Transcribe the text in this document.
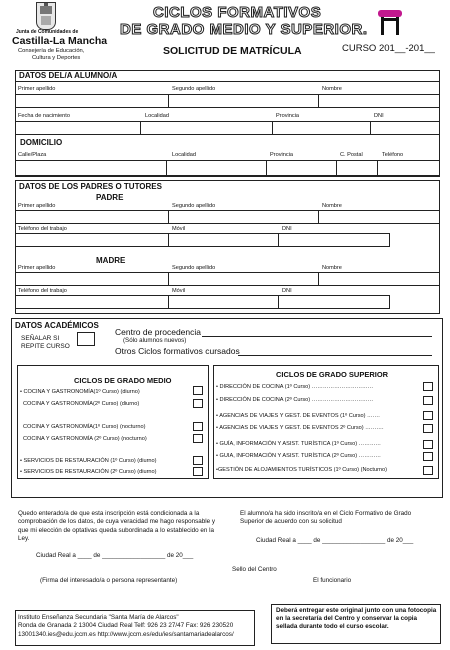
Junta de Comunidades de
Castilla-La Mancha
Consejería de Educación,
Cultura y Deportes
CICLOS FORMATIVOS
DE GRADO MEDIO Y SUPERIOR.
SOLICITUD DE MATRÍCULA	CURSO 201__-201__
DATOS DEL/A ALUMNO/A
Primer apellido	Segundo apellido	Nombre
Fecha de nacimiento	Localidad	Provincia	DNI
DOMICILIO
Calle/Plaza	Localidad	Provincia	C. Postal	Teléfono
DATOS DE LOS PADRES O TUTORES
PADRE
Primer apellido	Segundo apellido	Nombre
Teléfono del trabajo	Móvil	DNI
MADRE
Primer apellido	Segundo apellido	Nombre
Teléfono del trabajo	Móvil	DNI
DATOS ACADÉMICOS
SEÑALAR SI
REPITE CURSO
Centro de procedencia
(Sólo alumnos nuevos)
Otros Ciclos formativos cursados
CICLOS DE GRADO MEDIO
• COCINA Y GASTRONOMÍA(1º Curso) (diurno)
COCINA Y GASTRONOMÍA(2º Curso) (diurno)
COCINA Y GASTRONOMÍA(1º Curso) (nocturno)
COCINA Y GASTRONOMÍA (2º Curso) (nocturno)
• SERVICIOS DE RESTAURACIÓN (1º Curso) (diurno)
• SERVICIOS DE RESTAURACIÓN (2º Curso) (diurno)
CICLOS DE GRADO SUPERIOR
• DIRECCIÓN DE COCINA (1º Curso) ……………………………
• DIRECCIÓN DE COCINA (2º Curso) ……………………………
• AGENCIAS DE VIAJES Y GEST. DE EVENTOS (1º Curso) …….
• AGENCIAS DE VIAJES Y GEST. DE EVENTOS 2º Curso) ……….
• GUÍA, INFORMACIÓN Y ASIST. TURÍSTICA (1º Curso) …………
• GUIA, INFORMACIÓN Y ASIST. TURÍSTICA (2º Curso) …………
•GESTIÓN DE ALOJAMIENTOS TURÍSTICOS (1º Curso) (Nocturno)
Quedo enterado/a de que esta inscripción está condicionada a la comprobación de los datos, de cuya veracidad me hago responsable y que mi elección de optativas queda subordinada a lo establecido en la Ley.
El alumno/a ha sido inscrito/a en el Ciclo Formativo de Grado Superior de acuerdo con su solicitud
Ciudad Real a ____ de __________________ de 20___
Ciudad Real a ____ de __________________ de 20___
Sello del Centro
(Firma del interesado/a o persona representante)	El funcionario
Instituto Enseñanza Secundaria "Santa María de Alarcos"
Ronda de Granada 2 13004 Ciudad Real Telf: 926 23 27/47 Fax: 926 230520
13001340.ies@edu.jccm.es http://www.jccm.es/edu/ies/santamariadealarcos/
Deberá entregar este original junto con una fotocopia en la secretaría del Centro y conservar la copia sellada durante todo el curso escolar.
